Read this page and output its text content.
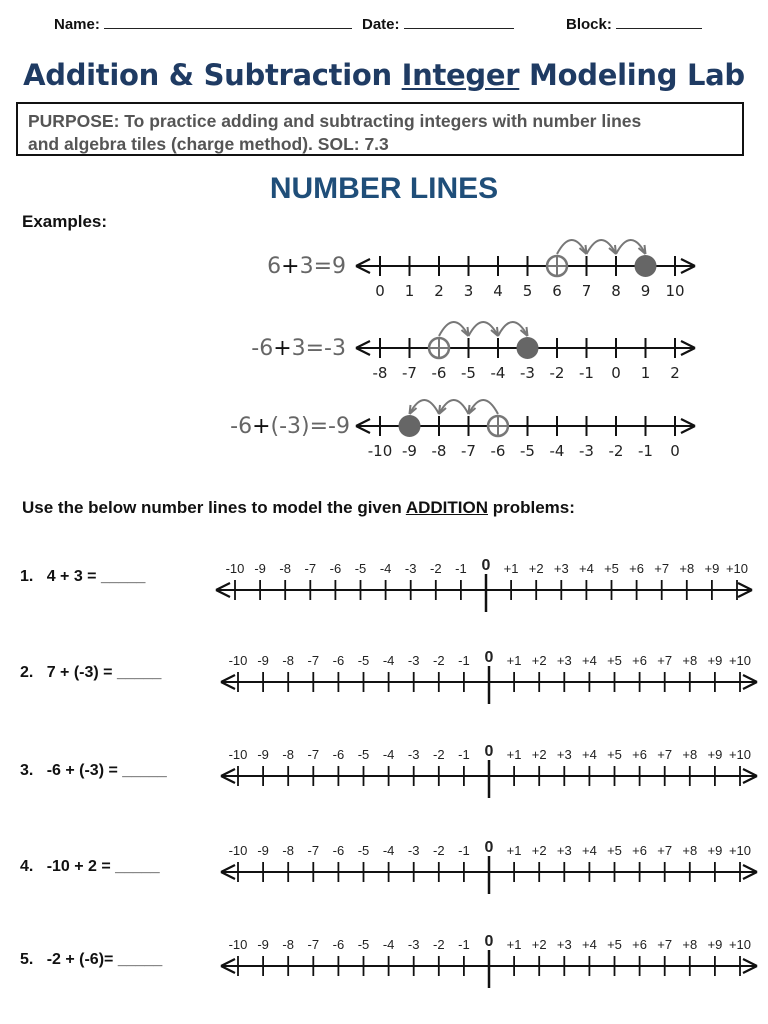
Name:	Date:	Block:
Addition & Subtraction Integer Modeling Lab
PURPOSE: To practice adding and subtracting integers with number lines
and algebra tiles (charge method). SOL: 7.3
NUMBER LINES
Examples:
6+3=9
0 1 2 3 4 5 6 7 8 9 10
-6+3=-3
-8 -7 -6 -5 -4 -3 -2 -1 0 1 2
-6+(-3)=-9
-10 -9 -8 -7 -6 -5 -4 -3 -2 -1 0
Use the below number lines to model the given ADDITION problems:
1. 4 + 3 = _____	-10 -9 -8 -7 -6 -5 -4 -3 -2 -1 0 +1 +2 +3 +4 +5 +6 +7 +8 +9 +10
2. 7 + (-3) = _____
-10 -9 -8 -7 -6 -5 -4 -3 -2 -1 0 +1 +2 +3 +4 +5 +6 +7 +8 +9 +10
3. -6 + (-3) = _____
-10 -9 -8 -7 -6 -5 -4 -3 -2 -1 0 +1 +2 +3 +4 +5 +6 +7 +8 +9 +10
4. -10 + 2 = _____
-10 -9 -8 -7 -6 -5 -4 -3 -2 -1 0 +1 +2 +3 +4 +5 +6 +7 +8 +9 +10
5. -2 + (-6)= _____
-10 -9 -8 -7 -6 -5 -4 -3 -2 -1 0 +1 +2 +3 +4 +5 +6 +7 +8 +9 +10
